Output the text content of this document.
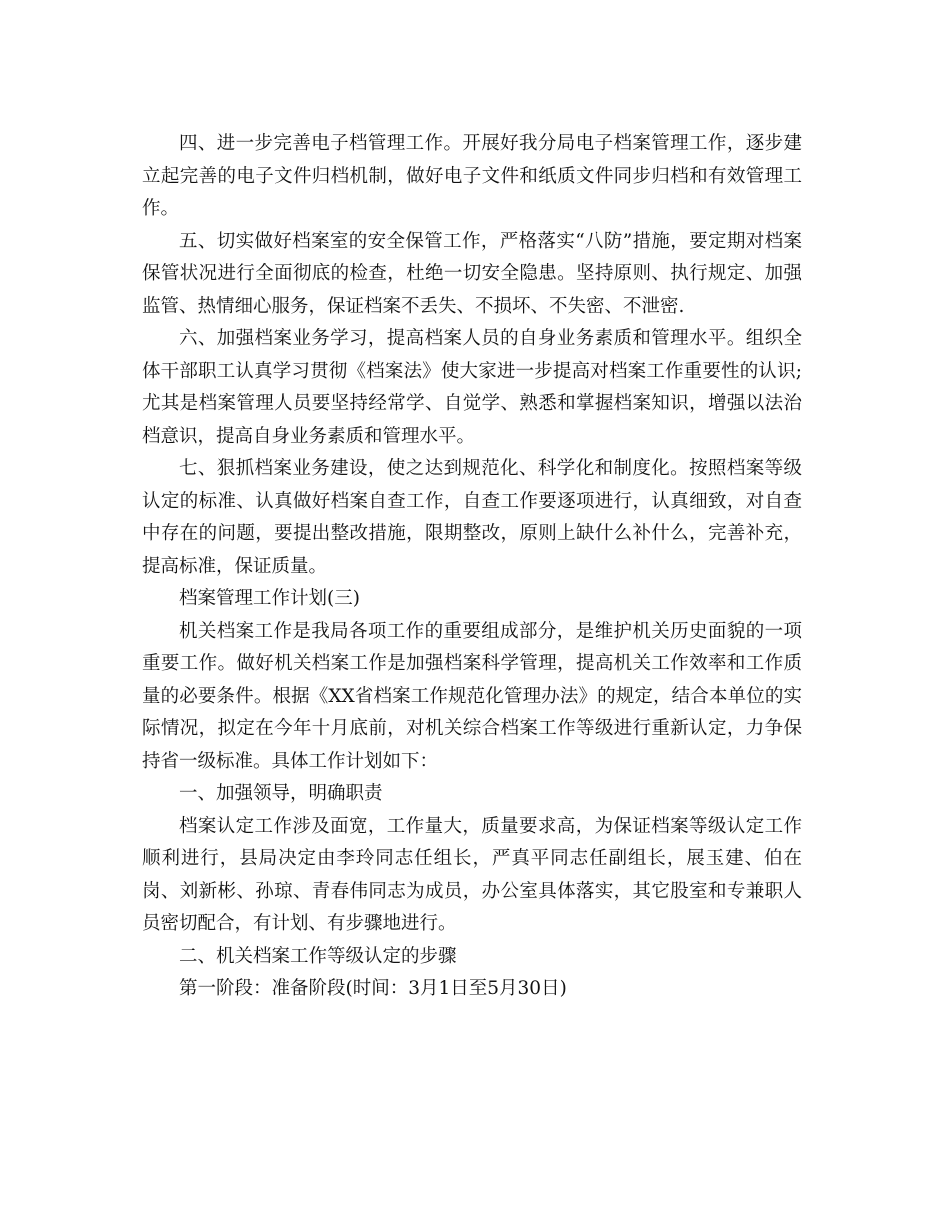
四、进一步完善电子档管理工作。开展好我分局电子档案管理工作，逐步建立起完善的电子文件归档机制，做好电子文件和纸质文件同步归档和有效管理工作。

五、切实做好档案室的安全保管工作，严格落实“八防”措施，要定期对档案保管状况进行全面彻底的检查，杜绝一切安全隐患。坚持原则、执行规定、加强监管、热情细心服务，保证档案不丢失、不损坏、不失密、不泄密.

六、加强档案业务学习，提高档案人员的自身业务素质和管理水平。组织全体干部职工认真学习贯彻《档案法》使大家进一步提高对档案工作重要性的认识;尤其是档案管理人员要坚持经常学、自觉学、熟悉和掌握档案知识，增强以法治档意识，提高自身业务素质和管理水平。

七、狠抓档案业务建设，使之达到规范化、科学化和制度化。按照档案等级认定的标准、认真做好档案自查工作，自查工作要逐项进行，认真细致，对自查中存在的问题，要提出整改措施，限期整改，原则上缺什么补什么，完善补充，提高标准，保证质量。

档案管理工作计划(三)

机关档案工作是我局各项工作的重要组成部分，是维护机关历史面貌的一项重要工作。做好机关档案工作是加强档案科学管理，提高机关工作效率和工作质量的必要条件。根据《XX省档案工作规范化管理办法》的规定，结合本单位的实际情况，拟定在今年十月底前，对机关综合档案工作等级进行重新认定，力争保持省一级标准。具体工作计划如下：

一、加强领导，明确职责

档案认定工作涉及面宽，工作量大，质量要求高，为保证档案等级认定工作顺利进行，县局决定由李玲同志任组长，严真平同志任副组长，展玉建、伯在岗、刘新彬、孙琼、青春伟同志为成员，办公室具体落实，其它股室和专兼职人员密切配合，有计划、有步骤地进行。

二、机关档案工作等级认定的步骤

第一阶段：准备阶段(时间：3月1日至5月30日)
